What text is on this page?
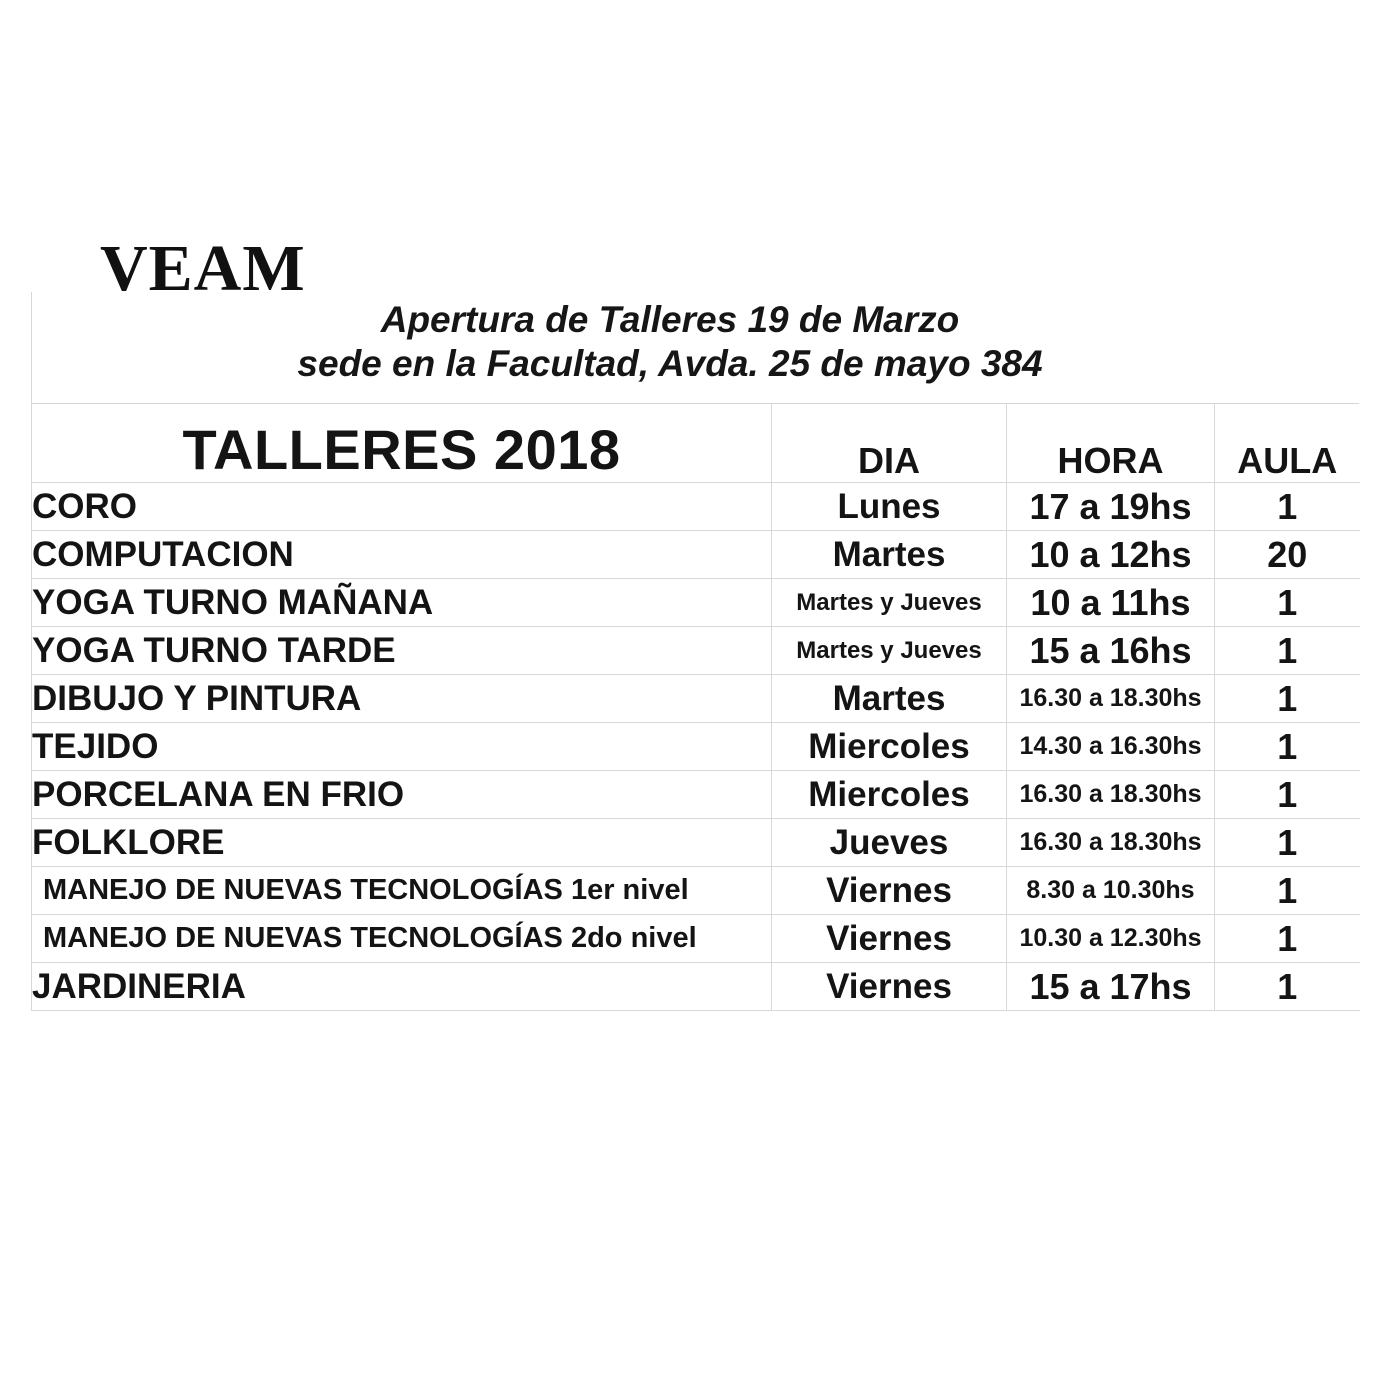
VEAM
Apertura de Talleres 19 de Marzo
sede en la Facultad, Avda. 25 de mayo 384
TALLERES 2018	DIA	HORA	AULA
CORO	Lunes	17 a 19hs	1
COMPUTACION	Martes	10 a 12hs	20
YOGA TURNO MAÑANA	Martes y Jueves	10 a 11hs	1
YOGA TURNO TARDE	Martes y Jueves	15 a 16hs	1
DIBUJO Y PINTURA	Martes	16.30 a 18.30hs	1
TEJIDO	Miercoles	14.30 a 16.30hs	1
PORCELANA EN FRIO	Miercoles	16.30 a 18.30hs	1
FOLKLORE	Jueves	16.30 a 18.30hs	1
MANEJO DE NUEVAS TECNOLOGÍAS 1er nivel	Viernes	8.30 a 10.30hs	1
MANEJO DE NUEVAS TECNOLOGÍAS 2do nivel	Viernes	10.30 a 12.30hs	1
JARDINERIA	Viernes	15 a 17hs	1
